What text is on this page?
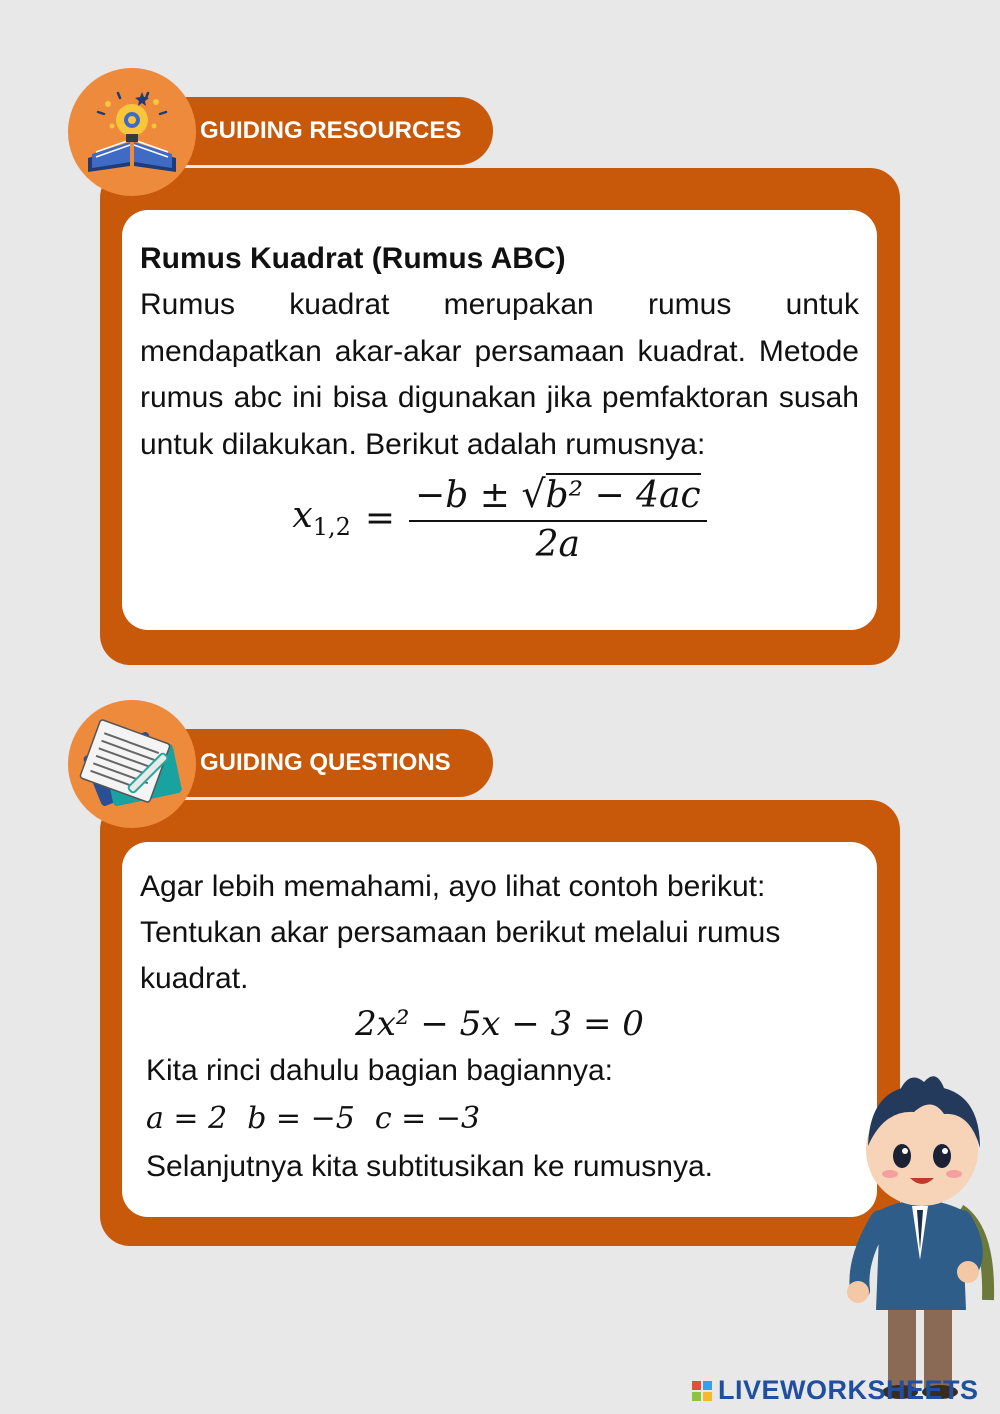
GUIDING RESOURCES

Rumus Kuadrat (Rumus ABC)

Rumus kuadrat merupakan rumus untuk mendapatkan akar-akar persamaan kuadrat. Metode rumus abc ini bisa digunakan jika pemfaktoran susah untuk dilakukan. Berikut adalah rumusnya:

$x_{1,2}$ =
−b ± √b² − 4ac
2a
GUIDING QUESTIONS

Agar lebih memahami, ayo lihat contoh berikut:

Tentukan akar persamaan berikut melalui rumus kuadrat.

2x² − 5x − 3 = 0

Kita rinci dahulu bagian bagiannya:

a = 2 b = −5 c = −3

Selanjutnya kita subtitusikan ke rumusnya.

LIVEWORKSHEETS
